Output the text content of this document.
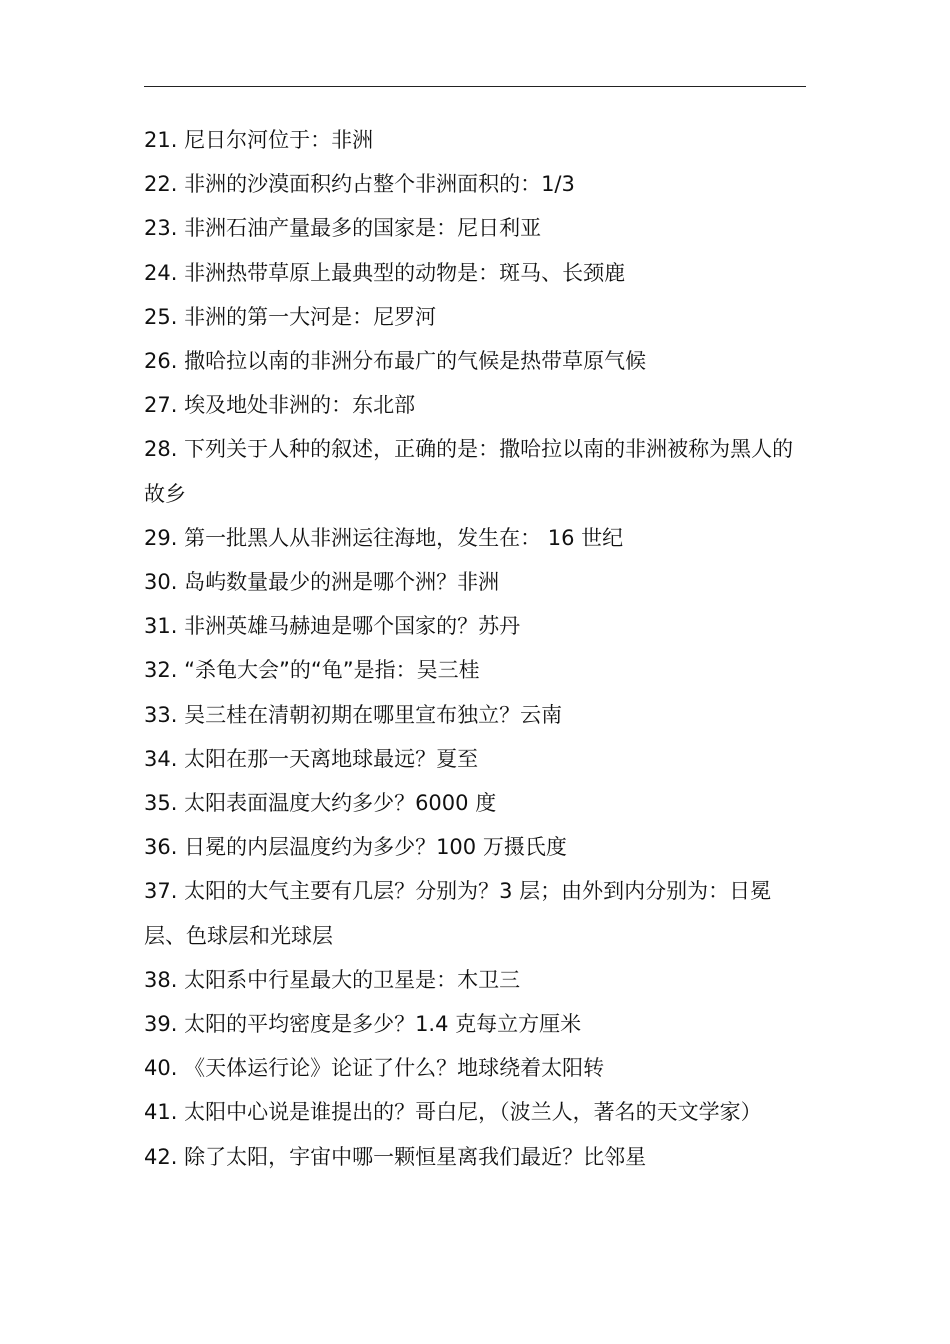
21. 尼日尔河位于：非洲
22. 非洲的沙漠面积约占整个非洲面积的：1/3
23. 非洲石油产量最多的国家是：尼日利亚
24. 非洲热带草原上最典型的动物是：斑马、长颈鹿
25. 非洲的第一大河是：尼罗河
26. 撒哈拉以南的非洲分布最广的气候是热带草原气候
27. 埃及地处非洲的：东北部
28. 下列关于人种的叙述，正确的是：撒哈拉以南的非洲被称为黑人的故乡
29. 第一批黑人从非洲运往海地，发生在： 16 世纪
30. 岛屿数量最少的洲是哪个洲？非洲
31. 非洲英雄马赫迪是哪个国家的？苏丹
32. “杀龟大会”的“龟”是指：吴三桂
33. 吴三桂在清朝初期在哪里宣布独立？云南
34. 太阳在那一天离地球最远？夏至
35. 太阳表面温度大约多少？6000 度
36. 日冕的内层温度约为多少？100 万摄氏度
37. 太阳的大气主要有几层？分别为？3 层；由外到内分别为：日冕层、色球层和光球层
38. 太阳系中行星最大的卫星是：木卫三
39. 太阳的平均密度是多少？1.4 克每立方厘米
40. 《天体运行论》论证了什么？地球绕着太阳转
41. 太阳中心说是谁提出的？哥白尼，（波兰人，著名的天文学家）
42. 除了太阳，宇宙中哪一颗恒星离我们最近？比邻星
